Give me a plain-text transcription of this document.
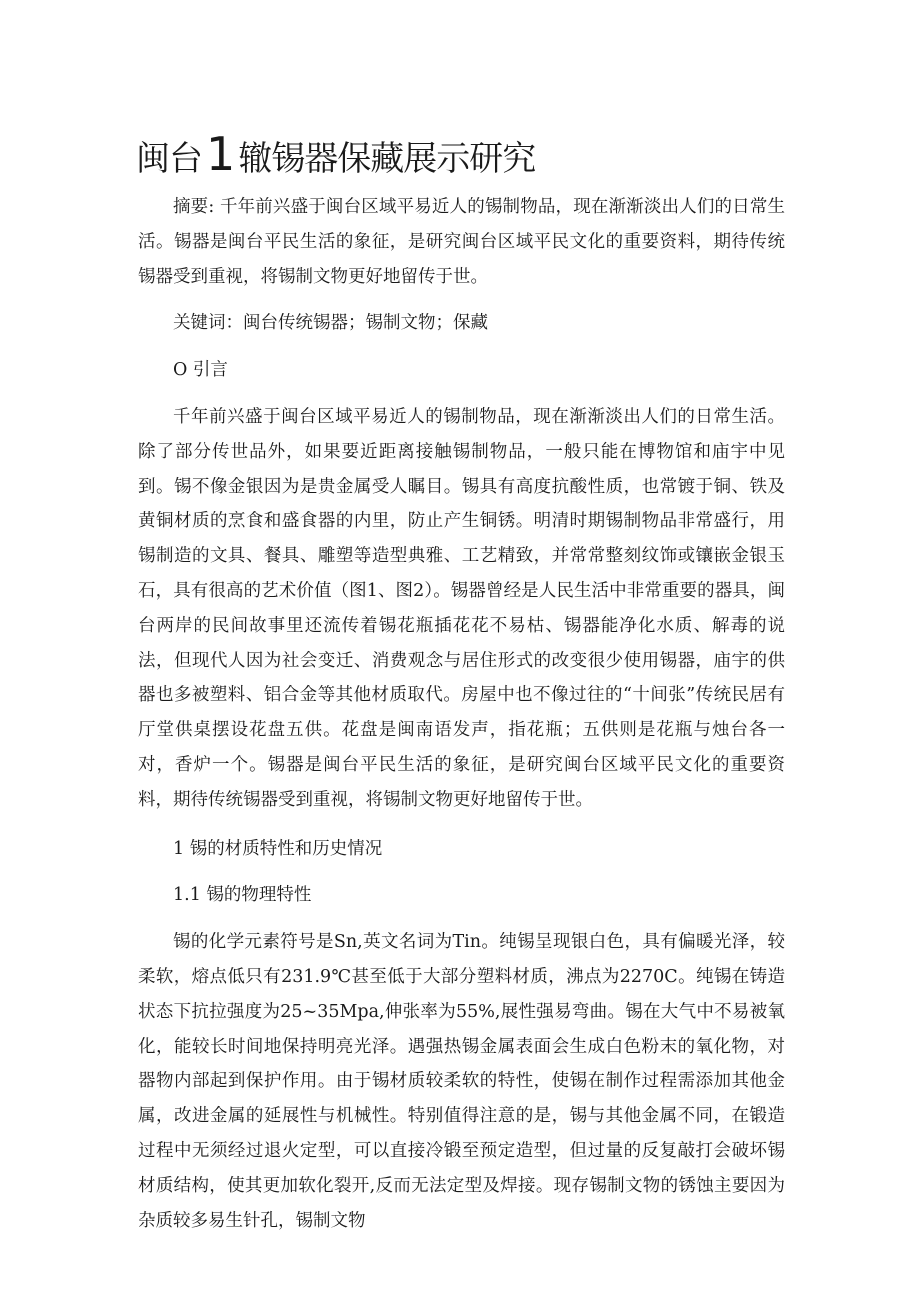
闽台1 辙锡器保藏展示研究

摘要: 千年前兴盛于闽台区域平易近人的锡制物品，现在渐渐淡出人们的日常生活。锡器是闽台平民生活的象征，是研究闽台区域平民文化的重要资料，期待传统锡器受到重视，将锡制文物更好地留传于世。

关键词：闽台传统锡器；锡制文物；保藏

O 引言

千年前兴盛于闽台区域平易近人的锡制物品，现在渐渐淡出人们的日常生活。除了部分传世品外，如果要近距离接触锡制物品，一般只能在博物馆和庙宇中见到。锡不像金银因为是贵金属受人瞩目。锡具有高度抗酸性质，也常镀于铜、铁及黄铜材质的烹食和盛食器的内里，防止产生铜锈。明清时期锡制物品非常盛行，用锡制造的文具、餐具、雕塑等造型典雅、工艺精致，并常常整刻纹饰或镶嵌金银玉石，具有很高的艺术价值（图1、图2）。锡器曾经是人民生活中非常重要的器具，闽台两岸的民间故事里还流传着锡花瓶插花花不易枯、锡器能净化水质、解毒的说法，但现代人因为社会变迁、消费观念与居住形式的改变很少使用锡器，庙宇的供器也多被塑料、铝合金等其他材质取代。房屋中也不像过往的“十间张”传统民居有厅堂供桌摆设花盘五供。花盘是闽南语发声，指花瓶；五供则是花瓶与烛台各一对，香炉一个。锡器是闽台平民生活的象征，是研究闽台区域平民文化的重要资料，期待传统锡器受到重视，将锡制文物更好地留传于世。

1 锡的材质特性和历史情况

1.1 锡的物理特性

锡的化学元素符号是Sn,英文名词为Tin。纯锡呈现银白色，具有偏暖光泽，较柔软，熔点低只有231.9℃甚至低于大部分塑料材质，沸点为2270C。纯锡在铸造状态下抗拉强度为25~35Mpa,伸张率为55%,展性强易弯曲。锡在大气中不易被氧化，能较长时间地保持明亮光泽。遇强热锡金属表面会生成白色粉末的氧化物，对器物内部起到保护作用。由于锡材质较柔软的特性，使锡在制作过程需添加其他金属，改进金属的延展性与机械性。特别值得注意的是，锡与其他金属不同，在锻造过程中无须经过退火定型，可以直接冷锻至预定造型，但过量的反复敲打会破坏锡材质结构，使其更加软化裂开,反而无法定型及焊接。现存锡制文物的锈蚀主要因为杂质较多易生针孔，锡制文物
